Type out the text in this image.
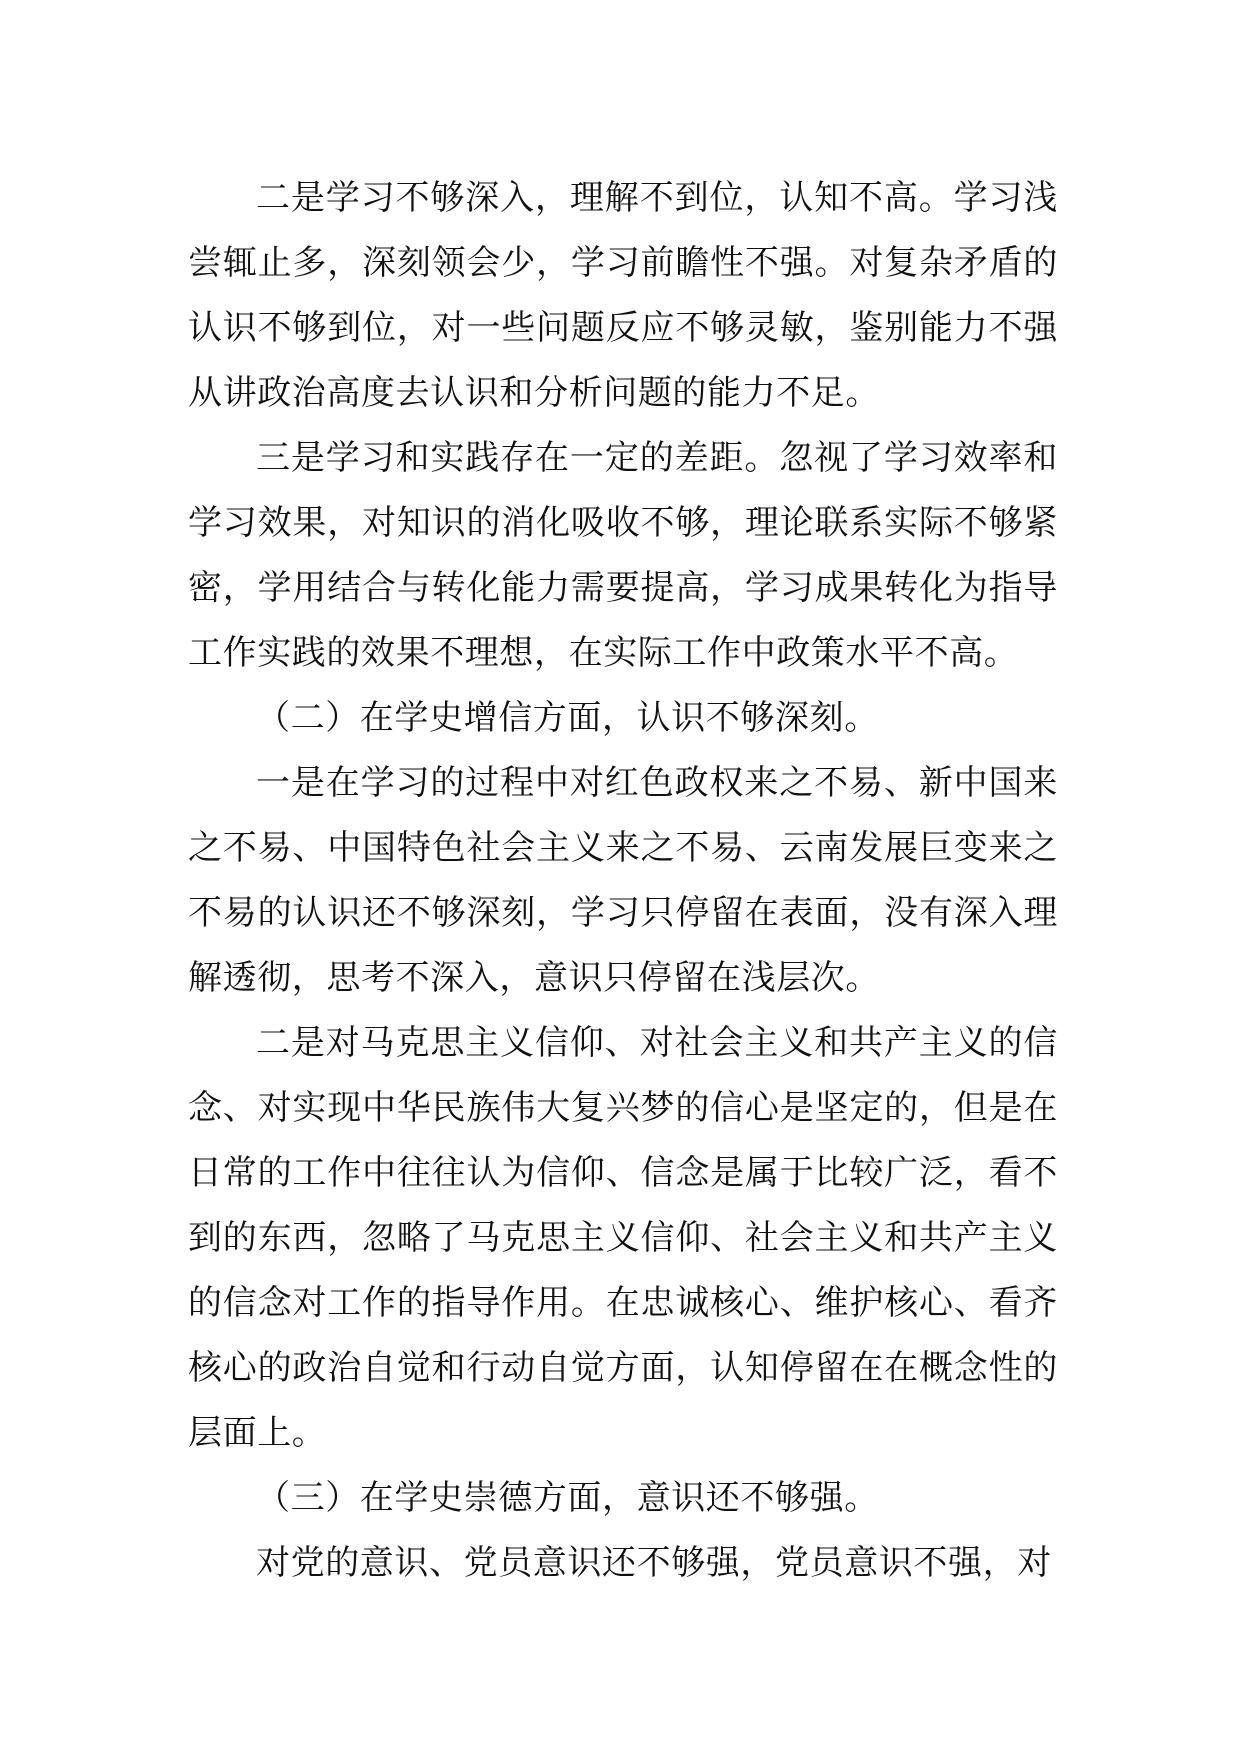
二是学习不够深入，理解不到位，认知不高。学习浅尝辄止多，深刻领会少，学习前瞻性不强。对复杂矛盾的认识不够到位，对一些问题反应不够灵敏，鉴别能力不强从讲政治高度去认识和分析问题的能力不足。

三是学习和实践存在一定的差距。忽视了学习效率和学习效果，对知识的消化吸收不够，理论联系实际不够紧密，学用结合与转化能力需要提高，学习成果转化为指导工作实践的效果不理想，在实际工作中政策水平不高。

（二）在学史增信方面，认识不够深刻。

一是在学习的过程中对红色政权来之不易、新中国来之不易、中国特色社会主义来之不易、云南发展巨变来之不易的认识还不够深刻，学习只停留在表面，没有深入理解透彻，思考不深入，意识只停留在浅层次。

二是对马克思主义信仰、对社会主义和共产主义的信念、对实现中华民族伟大复兴梦的信心是坚定的，但是在日常的工作中往往认为信仰、信念是属于比较广泛，看不到的东西，忽略了马克思主义信仰、社会主义和共产主义的信念对工作的指导作用。在忠诚核心、维护核心、看齐核心的政治自觉和行动自觉方面，认知停留在在概念性的层面上。

（三）在学史崇德方面，意识还不够强。

对党的意识、党员意识还不够强，党员意识不强，对
